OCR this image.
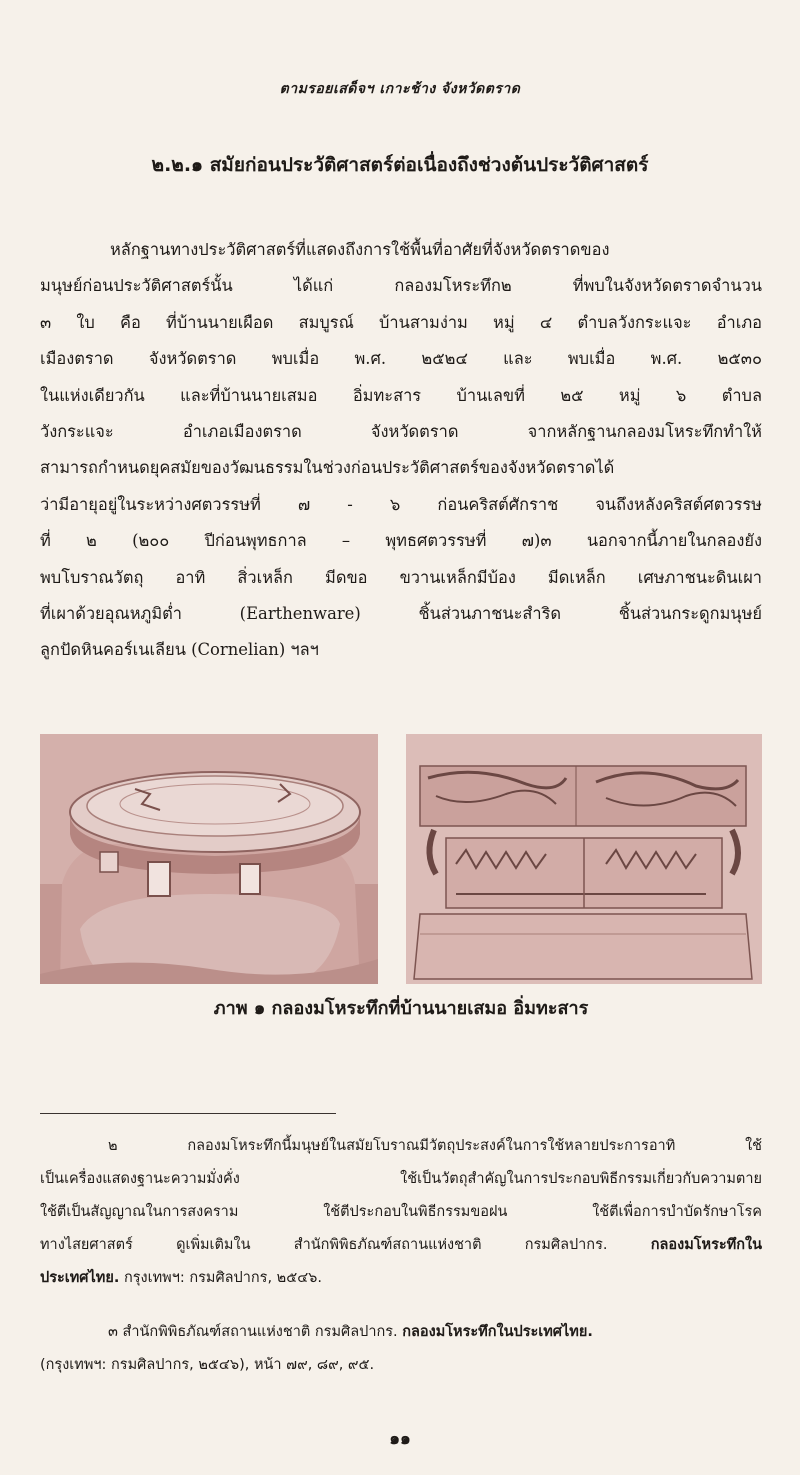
ตามรอยเสด็จฯ เกาะช้าง จังหวัดตราด
๒.๒.๑ สมัยก่อนประวัติศาสตร์ต่อเนื่องถึงช่วงต้นประวัติศาสตร์
หลักฐานทางประวัติศาสตร์ที่แสดงถึงการใช้พื้นที่อาศัยที่จังหวัดตราดของ
มนุษย์ก่อนประวัติศาสตร์นั้น ได้แก่ กลองมโหระทึก๒ ที่พบในจังหวัดตราดจำนวน
๓ ใบ คือ ที่บ้านนายเผือด สมบูรณ์ บ้านสามง่าม หมู่ ๔ ตำบลวังกระแจะ อำเภอ
เมืองตราด จังหวัดตราด พบเมื่อ พ.ศ. ๒๕๒๔ และ พบเมื่อ พ.ศ. ๒๕๓๐
ในแห่งเดียวกัน และที่บ้านนายเสมอ อิ่มทะสาร บ้านเลขที่ ๒๕ หมู่ ๖ ตำบล
วังกระแจะ อำเภอเมืองตราด จังหวัดตราด จากหลักฐานกลองมโหระทึกทำให้
สามารถกำหนดยุคสมัยของวัฒนธรรมในช่วงก่อนประวัติศาสตร์ของจังหวัดตราดได้
ว่ามีอายุอยู่ในระหว่างศตวรรษที่ ๗ - ๖ ก่อนคริสต์ศักราช จนถึงหลังคริสต์ศตวรรษ
ที่ ๒ (๒๐๐ ปีก่อนพุทธกาล – พุทธศตวรรษที่ ๗)๓ นอกจากนี้ภายในกลองยัง
พบโบราณวัตถุ อาทิ สิ่วเหล็ก มีดขอ ขวานเหล็กมีบ้อง มีดเหล็ก เศษภาชนะดินเผา
ที่เผาด้วยอุณหภูมิต่ำ (Earthenware) ชิ้นส่วนภาชนะสำริด ชิ้นส่วนกระดูกมนุษย์
ลูกปัดหินคอร์เนเลียน (Cornelian) ฯลฯ
ภาพ ๑ กลองมโหระทึกที่บ้านนายเสมอ อิ่มทะสาร
๒ กลองมโหระทึกนี้มนุษย์ในสมัยโบราณมีวัตถุประสงค์ในการใช้หลายประการอาทิ ใช้
เป็นเครื่องแสดงฐานะความมั่งคั่ง ใช้เป็นวัตถุสำคัญในการประกอบพิธีกรรมเกี่ยวกับความตาย
ใช้ตีเป็นสัญญาณในการสงคราม ใช้ตีประกอบในพิธีกรรมขอฝน ใช้ตีเพื่อการบำบัดรักษาโรค
ทางไสยศาสตร์ ดูเพิ่มเติมใน สำนักพิพิธภัณฑ์สถานแห่งชาติ กรมศิลปากร. กลองมโหระทึกใน
ประเทศไทย. กรุงเทพฯ: กรมศิลปากร, ๒๕๔๖.
๓ สำนักพิพิธภัณฑ์สถานแห่งชาติ กรมศิลปากร. กลองมโหระทึกในประเทศไทย.
(กรุงเทพฯ: กรมศิลปากร, ๒๕๔๖), หน้า ๗๙, ๘๙, ๙๕.
๑๑
